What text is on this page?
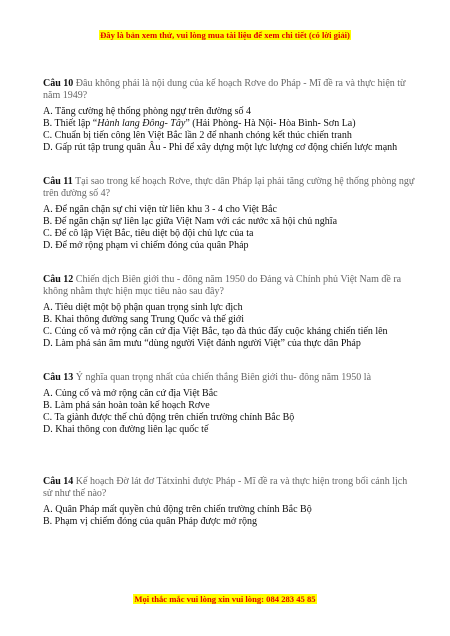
Đây là bản xem thử, vui lòng mua tài liệu để xem chi tiết (có lời giải)

Câu 10 Đâu không phải là nội dung của kế hoạch Rơve do Pháp - Mĩ đề ra và thực hiện từ năm 1949?

A. Tăng cường hệ thống phòng ngự trên đường số 4

B. Thiết lập “Hành lang Đông- Tây” (Hải Phòng- Hà Nội- Hòa Bình- Sơn La)

C. Chuẩn bị tiến công lên Việt Bắc lần 2 để nhanh chóng kết thúc chiến tranh

D. Gấp rút tập trung quân Âu - Phi để xây dựng một lực lượng cơ động chiến lược mạnh

Câu 11 Tại sao trong kế hoạch Rơve, thực dân Pháp lại phải tăng cường hệ thống phòng ngự trên đường số 4?

A. Để ngăn chặn sự chi viện từ liên khu 3 - 4 cho Việt Bắc

B. Để ngăn chặn sự liên lạc giữa Việt Nam với các nước xã hội chủ nghĩa

C. Để cô lập Việt Bắc, tiêu diệt bộ đội chủ lực của ta

D. Để mở rộng phạm vi chiếm đóng của quân Pháp

Câu 12 Chiến dịch Biên giới thu - đông năm 1950 do Đảng và Chính phủ Việt Nam đề ra không nhằm thực hiện mục tiêu nào sau đây?

A. Tiêu diệt một bộ phận quan trọng sinh lực địch

B. Khai thông đường sang Trung Quốc và thế giới

C. Củng cố và mở rộng căn cứ địa Việt Bắc, tạo đà thúc đẩy cuộc kháng chiến tiến lên

D. Làm phá sản âm mưu “dùng người Việt đánh người Việt” của thực dân Pháp

Câu 13 Ý nghĩa quan trọng nhất của chiến thắng Biên giới thu- đông năm 1950 là

A. Củng cố và mở rộng căn cứ địa Việt Bắc

B. Làm phá sản hoàn toàn kế hoạch Rơve

C. Ta giành được thế chủ động trên chiến trường chính Bắc Bộ

D. Khai thông con đường liên lạc quốc tế

Câu 14 Kế hoạch Đờ lát đơ Tátxinhi được Pháp - Mĩ đề ra và thực hiện trong bối cảnh lịch sử như thế nào?

A. Quân Pháp mất quyền chủ động trên chiến trường chính Bắc Bộ

B. Phạm vị chiếm đóng của quân Pháp được mở rộng

Mọi thắc mắc vui lòng xin vui lòng: 084 283 45 85
